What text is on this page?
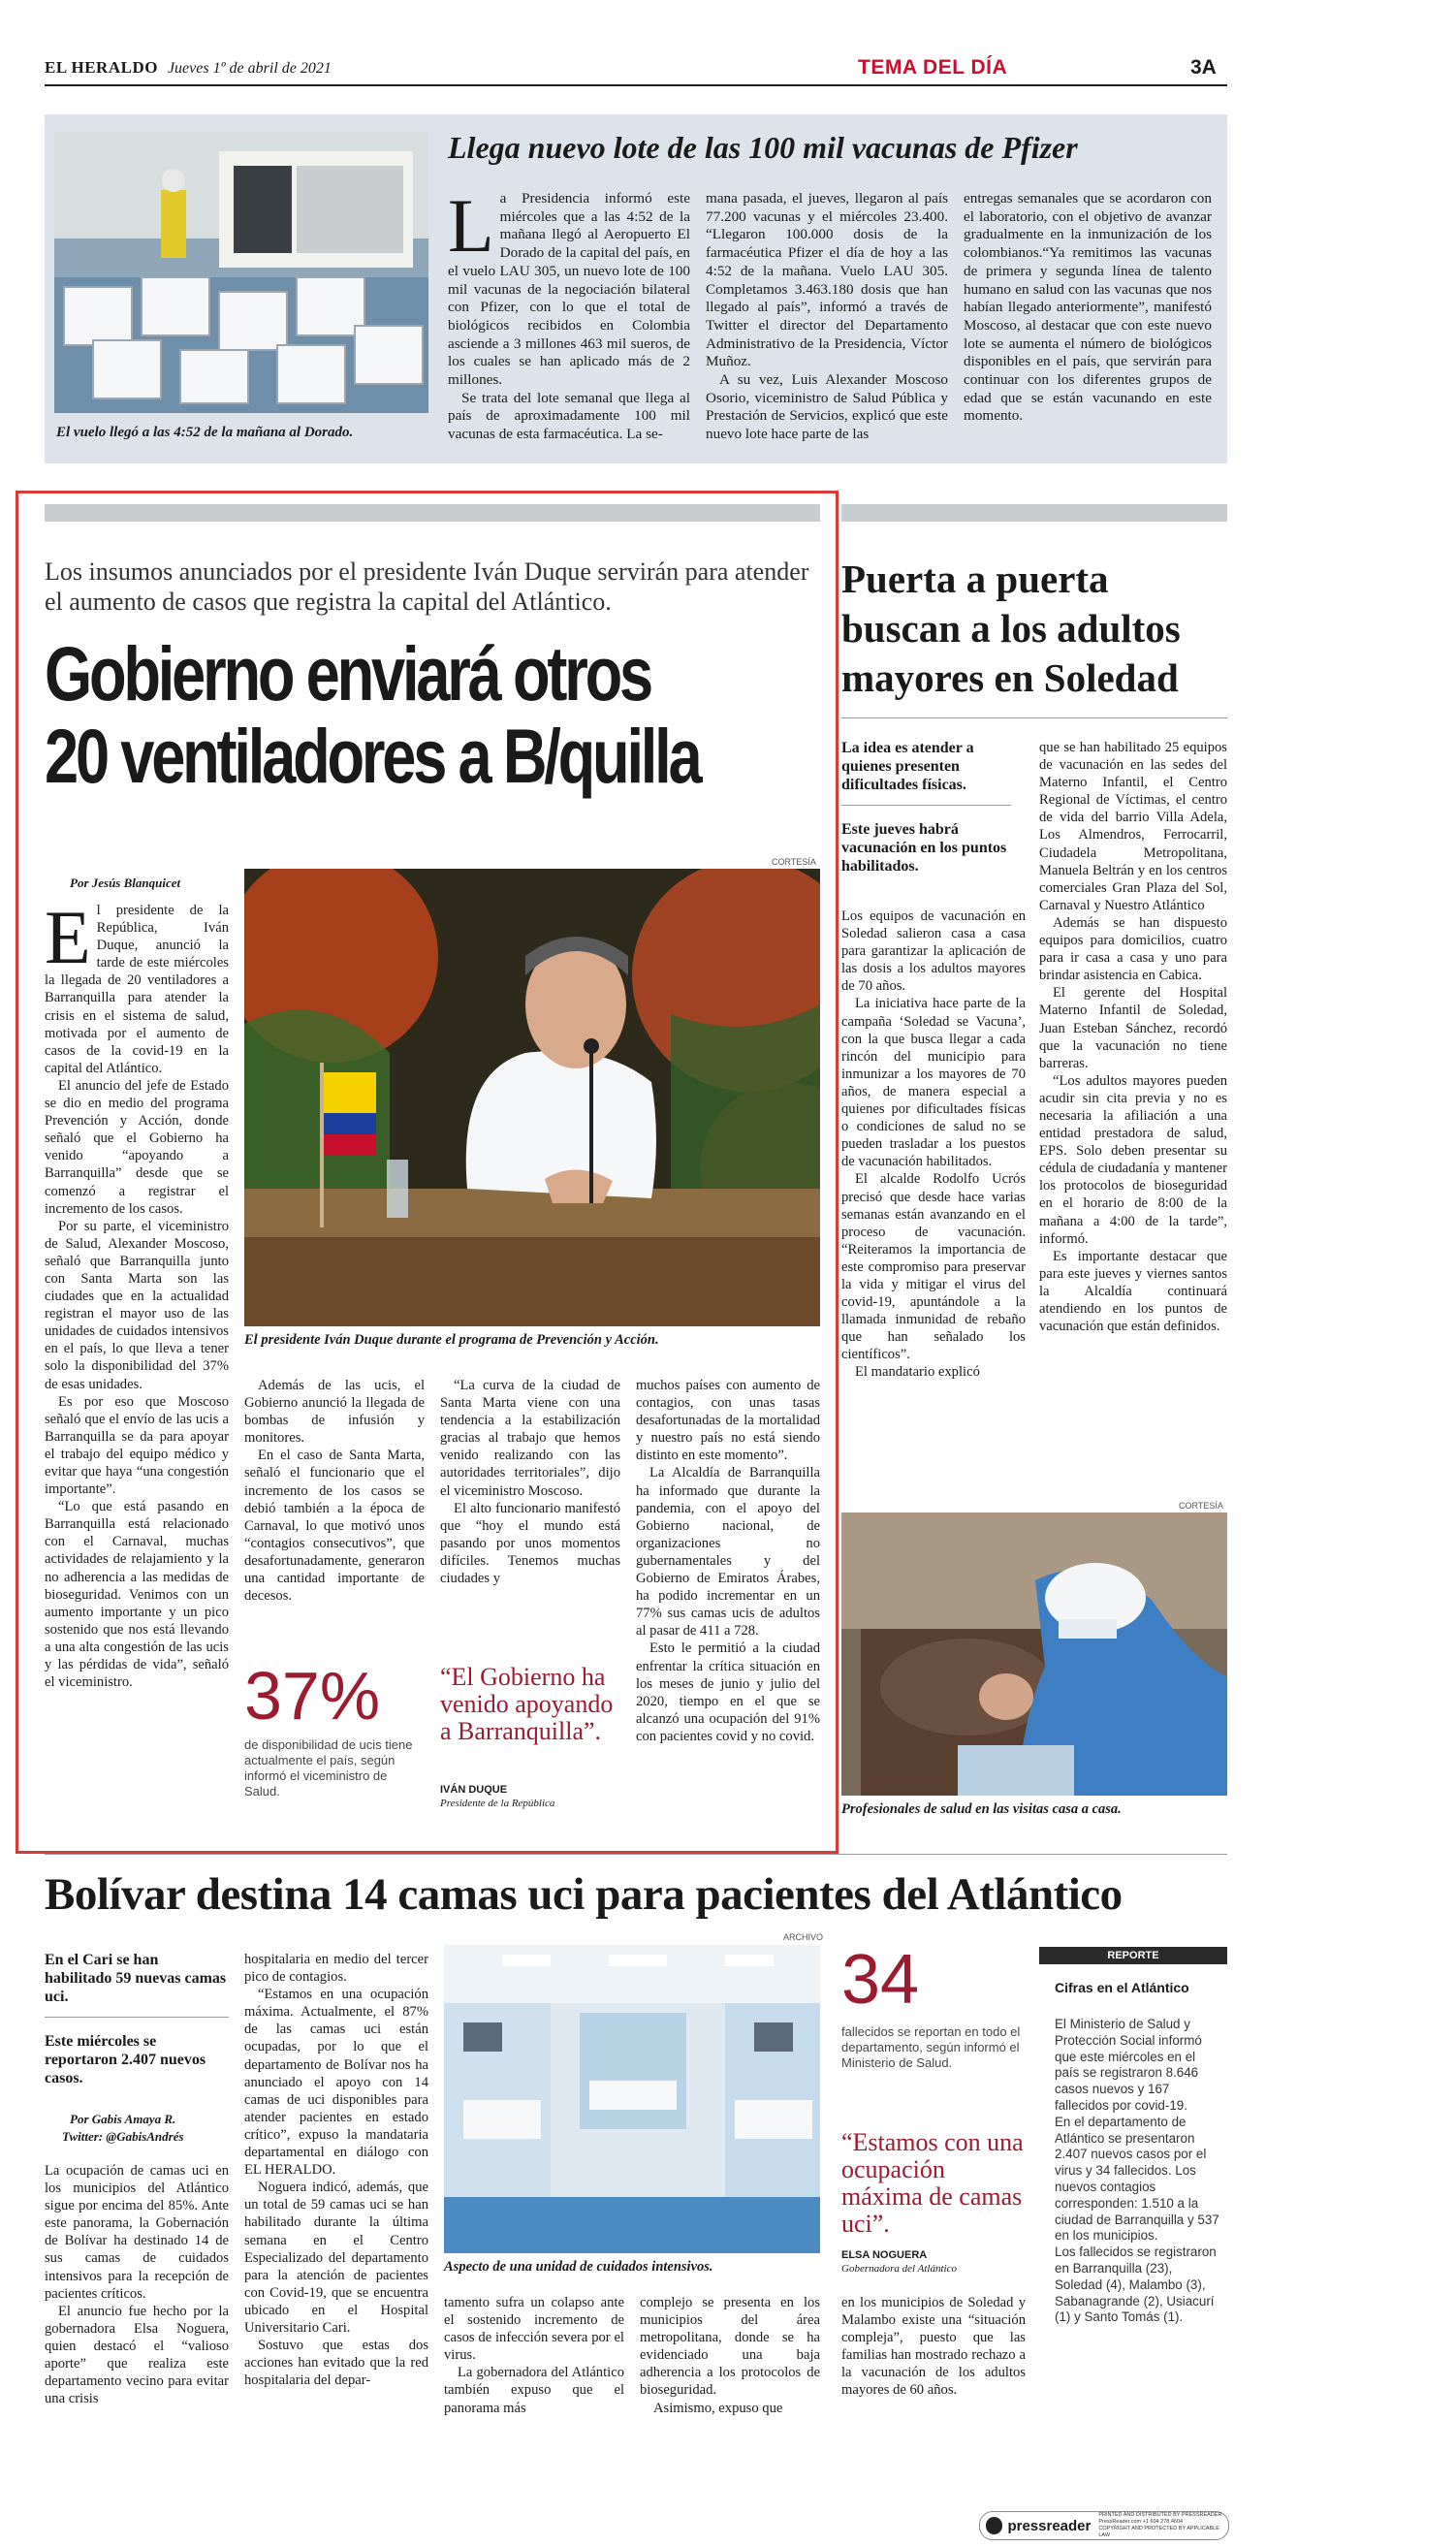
EL HERALDO Jueves 1º de abril de 2021	TEMA DEL DÍA	3A
El vuelo llegó a las 4:52 de la mañana al Dorado.
Llega nuevo lote de las 100 mil vacunas de Pfizer

La Presidencia informó este miércoles que a las 4:52 de la mañana llegó al Aeropuerto El Dorado de la capital del país, en el vuelo LAU 305, un nuevo lote de 100 mil vacunas de la negociación bilateral con Pfizer, con lo que el total de biológicos recibidos en Colombia asciende a 3 millones 463 mil sueros, de los cuales se han aplicado más de 2 millones.

Se trata del lote semanal que llega al país de aproximadamente 100 mil vacunas de esta farmacéutica. La se-

mana pasada, el jueves, llegaron al país 77.200 vacunas y el miércoles 23.400. “Llegaron 100.000 dosis de la farmacéutica Pfizer el día de hoy a las 4:52 de la mañana. Vuelo LAU 305. Completamos 3.463.180 dosis que han llegado al país”, informó a través de Twitter el director del Departamento Administrativo de la Presidencia, Víctor Muñoz.

A su vez, Luis Alexander Moscoso Osorio, viceministro de Salud Pública y Prestación de Servicios, explicó que este nuevo lote hace parte de las

entregas semanales que se acordaron con el laboratorio, con el objetivo de avanzar gradualmente en la inmunización de los colombianos.“Ya remitimos las vacunas de primera y segunda línea de talento humano en salud con las vacunas que nos habían llegado anteriormente”, manifestó Moscoso, al destacar que con este nuevo lote se aumenta el número de biológicos disponibles en el país, que servirán para continuar con los diferentes grupos de edad que se están vacunando en este momento.

Los insumos anunciados por el presidente Iván Duque servirán para atender el aumento de casos que registra la capital del Atlántico.
Gobierno enviará otros
20 ventiladores a B/quilla
CORTESÍA
Por Jesús Blanquicet
El presidente Iván Duque durante el programa de Prevención y Acción.

El presidente de la República, Iván Duque, anunció la tarde de este miércoles la llegada de 20 ventiladores a Barranquilla para atender la crisis en el sistema de salud, motivada por el aumento de casos de la covid-19 en la capital del Atlántico.

El anuncio del jefe de Estado se dio en medio del programa Prevención y Acción, donde señaló que el Gobierno ha venido “apoyando a Barranquilla” desde que se comenzó a registrar el incremento de los casos.

Por su parte, el viceministro de Salud, Alexander Moscoso, señaló que Barranquilla junto con Santa Marta son las ciudades que en la actualidad registran el mayor uso de las unidades de cuidados intensivos en el país, lo que lleva a tener solo la disponibilidad del 37% de esas unidades.

Es por eso que Moscoso señaló que el envío de las ucis a Barranquilla se da para apoyar el trabajo del equipo médico y evitar que haya “una congestión importante”.

“Lo que está pasando en Barranquilla está relacionado con el Carnaval, muchas actividades de relajamiento y la no adherencia a las medidas de bioseguridad. Venimos con un aumento importante y un pico sostenido que nos está llevando a una alta congestión de las ucis y las pérdidas de vida”, señaló el viceministro.

Además de las ucis, el Gobierno anunció la llegada de bombas de infusión y monitores.

En el caso de Santa Marta, señaló el funcionario que el incremento de los casos se debió también a la época de Carnaval, lo que motivó unos “contagios consecutivos”, que desafortunadamente, generaron una cantidad importante de decesos.

“La curva de la ciudad de Santa Marta viene con una tendencia a la estabilización gracias al trabajo que hemos venido realizando con las autoridades territoriales”, dijo el viceministro Moscoso.

El alto funcionario manifestó que “hoy el mundo está pasando por unos momentos difíciles. Tenemos muchas ciudades y

muchos países con aumento de contagios, con unas tasas desafortunadas de la mortalidad y nuestro país no está siendo distinto en este momento”.

La Alcaldía de Barranquilla ha informado que durante la pandemia, con el apoyo del Gobierno nacional, de organizaciones no gubernamentales y del Gobierno de Emiratos Árabes, ha podido incrementar en un 77% sus camas ucis de adultos al pasar de 411 a 728.

Esto le permitió a la ciudad enfrentar la crítica situación en los meses de junio y julio del 2020, tiempo en el que se alcanzó una ocupación del 91% con pacientes covid y no covid.

37%
de disponibilidad de ucis tiene actualmente el país, según informó el viceministro de Salud.
“El Gobierno ha venido apoyando a Barranquilla”.
IVÁN DUQUE
Presidente de la República
Puerta a puerta buscan a los adultos mayores en Soledad
La idea es atender a quienes presenten dificultades físicas.
Este jueves habrá vacunación en los puntos habilitados.

Los equipos de vacunación en Soledad salieron casa a casa para garantizar la aplicación de las dosis a los adultos mayores de 70 años.

La iniciativa hace parte de la campaña ‘Soledad se Vacuna’, con la que busca llegar a cada rincón del municipio para inmunizar a los mayores de 70 años, de manera especial a quienes por dificultades físicas o condiciones de salud no se pueden trasladar a los puestos de vacunación habilitados.

El alcalde Rodolfo Ucrós precisó que desde hace varias semanas están avanzando en el proceso de vacunación. “Reiteramos la importancia de este compromiso para preservar la vida y mitigar el virus del covid-19, apuntándole a la llamada inmunidad de rebaño que han señalado los científicos”.

El mandatario explicó

que se han habilitado 25 equipos de vacunación en las sedes del Materno Infantil, el Centro Regional de Víctimas, el centro de vida del barrio Villa Adela, Los Almendros, Ferrocarril, Ciudadela Metropolitana, Manuela Beltrán y en los centros comerciales Gran Plaza del Sol, Carnaval y Nuestro Atlántico

Además se han dispuesto equipos para domicilios, cuatro para ir casa a casa y uno para brindar asistencia en Cabica.

El gerente del Hospital Materno Infantil de Soledad, Juan Esteban Sánchez, recordó que la vacunación no tiene barreras.

“Los adultos mayores pueden acudir sin cita previa y no es necesaria la afiliación a una entidad prestadora de salud, EPS. Solo deben presentar su cédula de ciudadanía y mantener los protocolos de bioseguridad en el horario de 8:00 de la mañana a 4:00 de la tarde”, informó.

Es importante destacar que para este jueves y viernes santos la Alcaldía continuará atendiendo en los puntos de vacunación que están definidos.

CORTESÍA
Profesionales de salud en las visitas casa a casa.
Bolívar destina 14 camas uci para pacientes del Atlántico
En el Cari se han habilitado 59 nuevas camas uci.
Este miércoles se reportaron 2.407 nuevos casos.
Por Gabis Amaya R.
Twitter: @GabisAndrés

La ocupación de camas uci en los municipios del Atlántico sigue por encima del 85%. Ante este panorama, la Gobernación de Bolívar ha destinado 14 de sus camas de cuidados intensivos para la recepción de pacientes críticos.

El anuncio fue hecho por la gobernadora Elsa Noguera, quien destacó el “valioso aporte” que realiza este departamento vecino para evitar una crisis

hospitalaria en medio del tercer pico de contagios.

“Estamos en una ocupación máxima. Actualmente, el 87% de las camas uci están ocupadas, por lo que el departamento de Bolívar nos ha anunciado el apoyo con 14 camas de uci disponibles para atender pacientes en estado crítico”, expuso la mandataria departamental en diálogo con EL HERALDO.

Noguera indicó, además, que un total de 59 camas uci se han habilitado durante la última semana en el Centro Especializado del departamento para la atención de pacientes con Covid-19, que se encuentra ubicado en el Hospital Universitario Cari.

Sostuvo que estas dos acciones han evitado que la red hospitalaria del depar-

ARCHIVO
Aspecto de una unidad de cuidados intensivos.

tamento sufra un colapso ante el sostenido incremento de casos de infección severa por el virus.

La gobernadora del Atlántico también expuso que el panorama más

complejo se presenta en los municipios del área metropolitana, donde se ha evidenciado una baja adherencia a los protocolos de bioseguridad.

Asimismo, expuso que

34
fallecidos se reportan en todo el departamento, según informó el Ministerio de Salud.
“Estamos con una ocupación máxima de camas uci”.
ELSA NOGUERA
Gobernadora del Atlántico

en los municipios de Soledad y Malambo existe una “situación compleja”, puesto que las familias han mostrado rechazo a la vacunación de los adultos mayores de 60 años.

REPORTE
Cifras en el Atlántico

El Ministerio de Salud y Protección Social informó que este miércoles en el país se registraron 8.646 casos nuevos y 167 fallecidos por covid-19.

En el departamento de Atlántico se presentaron 2.407 nuevos casos por el virus y 34 fallecidos. Los nuevos contagios corresponden: 1.510 a la ciudad de Barranquilla y 537 en los municipios.

Los fallecidos se registraron en Barranquilla (23), Soledad (4), Malambo (3), Sabanagrande (2), Usiacurí (1) y Santo Tomás (1).

pressreader
PRINTED AND DISTRIBUTED BY PRESSREADER
PressReader.com +1 604 278 4604
COPYRIGHT AND PROTECTED BY APPLICABLE LAW
